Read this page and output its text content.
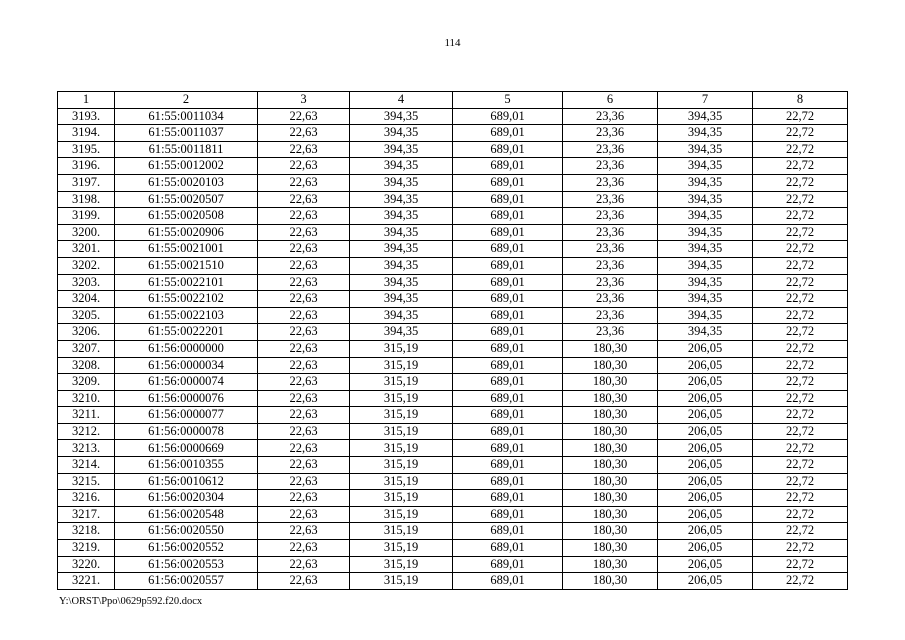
114
1	2	3	4	5	6	7	8
3193.	61:55:0011034	22,63	394,35	689,01	23,36	394,35	22,72
3194.	61:55:0011037	22,63	394,35	689,01	23,36	394,35	22,72
3195.	61:55:0011811	22,63	394,35	689,01	23,36	394,35	22,72
3196.	61:55:0012002	22,63	394,35	689,01	23,36	394,35	22,72
3197.	61:55:0020103	22,63	394,35	689,01	23,36	394,35	22,72
3198.	61:55:0020507	22,63	394,35	689,01	23,36	394,35	22,72
3199.	61:55:0020508	22,63	394,35	689,01	23,36	394,35	22,72
3200.	61:55:0020906	22,63	394,35	689,01	23,36	394,35	22,72
3201.	61:55:0021001	22,63	394,35	689,01	23,36	394,35	22,72
3202.	61:55:0021510	22,63	394,35	689,01	23,36	394,35	22,72
3203.	61:55:0022101	22,63	394,35	689,01	23,36	394,35	22,72
3204.	61:55:0022102	22,63	394,35	689,01	23,36	394,35	22,72
3205.	61:55:0022103	22,63	394,35	689,01	23,36	394,35	22,72
3206.	61:55:0022201	22,63	394,35	689,01	23,36	394,35	22,72
3207.	61:56:0000000	22,63	315,19	689,01	180,30	206,05	22,72
3208.	61:56:0000034	22,63	315,19	689,01	180,30	206,05	22,72
3209.	61:56:0000074	22,63	315,19	689,01	180,30	206,05	22,72
3210.	61:56:0000076	22,63	315,19	689,01	180,30	206,05	22,72
3211.	61:56:0000077	22,63	315,19	689,01	180,30	206,05	22,72
3212.	61:56:0000078	22,63	315,19	689,01	180,30	206,05	22,72
3213.	61:56:0000669	22,63	315,19	689,01	180,30	206,05	22,72
3214.	61:56:0010355	22,63	315,19	689,01	180,30	206,05	22,72
3215.	61:56:0010612	22,63	315,19	689,01	180,30	206,05	22,72
3216.	61:56:0020304	22,63	315,19	689,01	180,30	206,05	22,72
3217.	61:56:0020548	22,63	315,19	689,01	180,30	206,05	22,72
3218.	61:56:0020550	22,63	315,19	689,01	180,30	206,05	22,72
3219.	61:56:0020552	22,63	315,19	689,01	180,30	206,05	22,72
3220.	61:56:0020553	22,63	315,19	689,01	180,30	206,05	22,72
3221.	61:56:0020557	22,63	315,19	689,01	180,30	206,05	22,72
Y:\ORST\Ppo\0629p592.f20.docx
